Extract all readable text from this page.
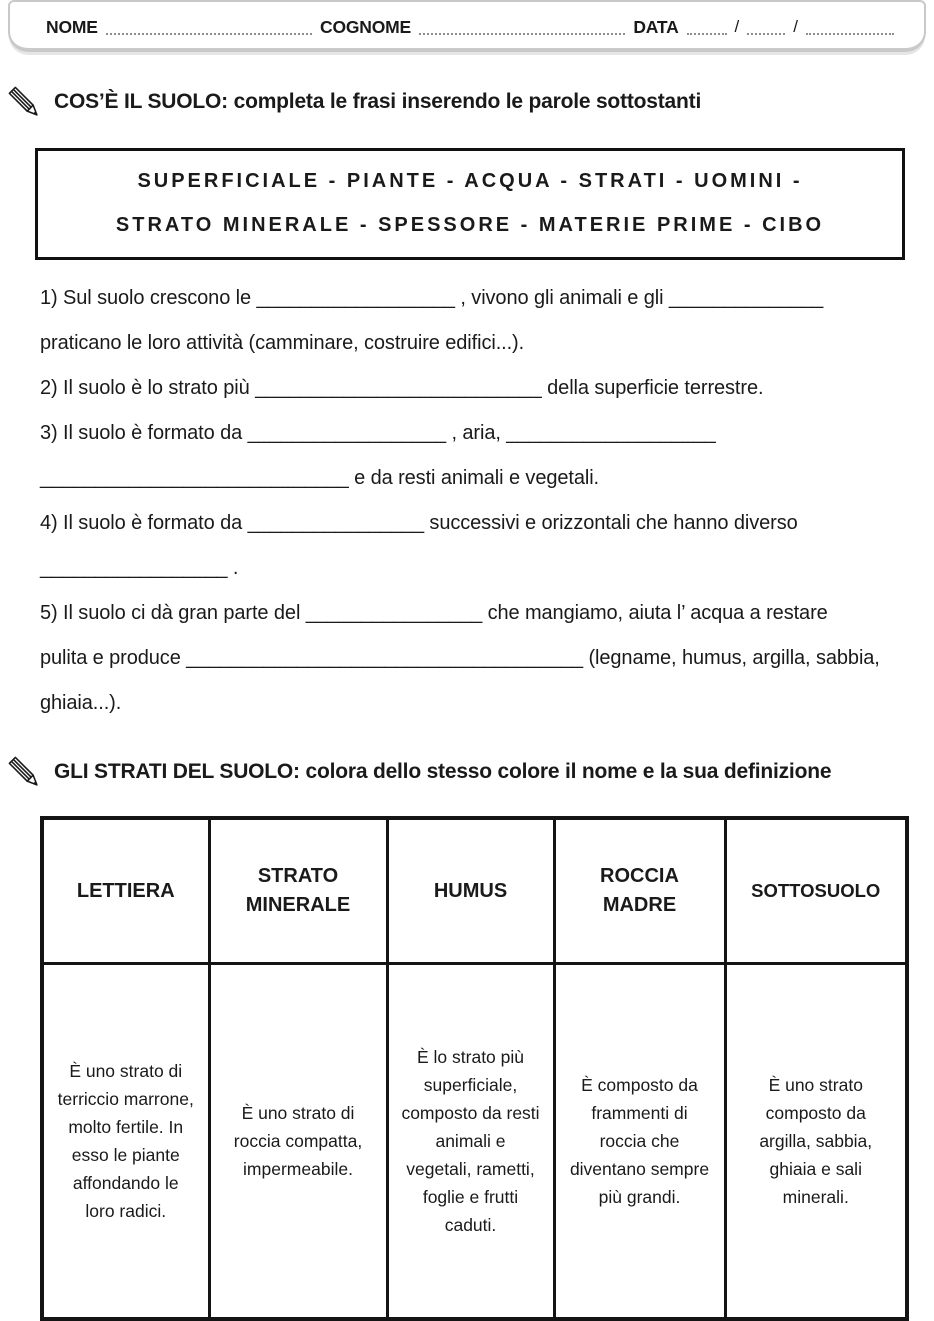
NOME	COGNOME	DATA	/	/
COS’È IL SUOLO: completa le frasi inserendo le parole sottostanti
SUPERFICIALE - PIANTE - ACQUA - STRATI - UOMINI -
STRATO MINERALE - SPESSORE - MATERIE PRIME - CIBO
1) Sul suolo crescono le __________________ , vivono gli animali e gli ______________
praticano le loro attività (camminare, costruire edifici...).
2) Il suolo è lo strato più __________________________ della superficie terrestre.
3) Il suolo è formato da __________________ , aria, ___________________
____________________________ e da resti animali e vegetali.
4) Il suolo è formato da ________________ successivi e orizzontali che hanno diverso
_________________ .
5) Il suolo ci dà gran parte del ________________ che mangiamo, aiuta l’ acqua a restare
pulita e produce ____________________________________ (legname, humus, argilla, sabbia,
ghiaia...).
GLI STRATI DEL SUOLO: colora dello stesso colore il nome e la sua definizione
LETTIERA	STRATO MINERALE	HUMUS	ROCCIA MADRE	SOTTOSUOLO
È uno strato di terriccio marrone, molto fertile. In esso le piante affondando le loro radici.	È uno strato di roccia compatta, impermeabile.	È lo strato più superficiale, composto da resti animali e vegetali, rametti, foglie e frutti caduti.	È composto da frammenti di roccia che diventano sempre più grandi.	È uno strato composto da argilla, sabbia, ghiaia e sali minerali.
